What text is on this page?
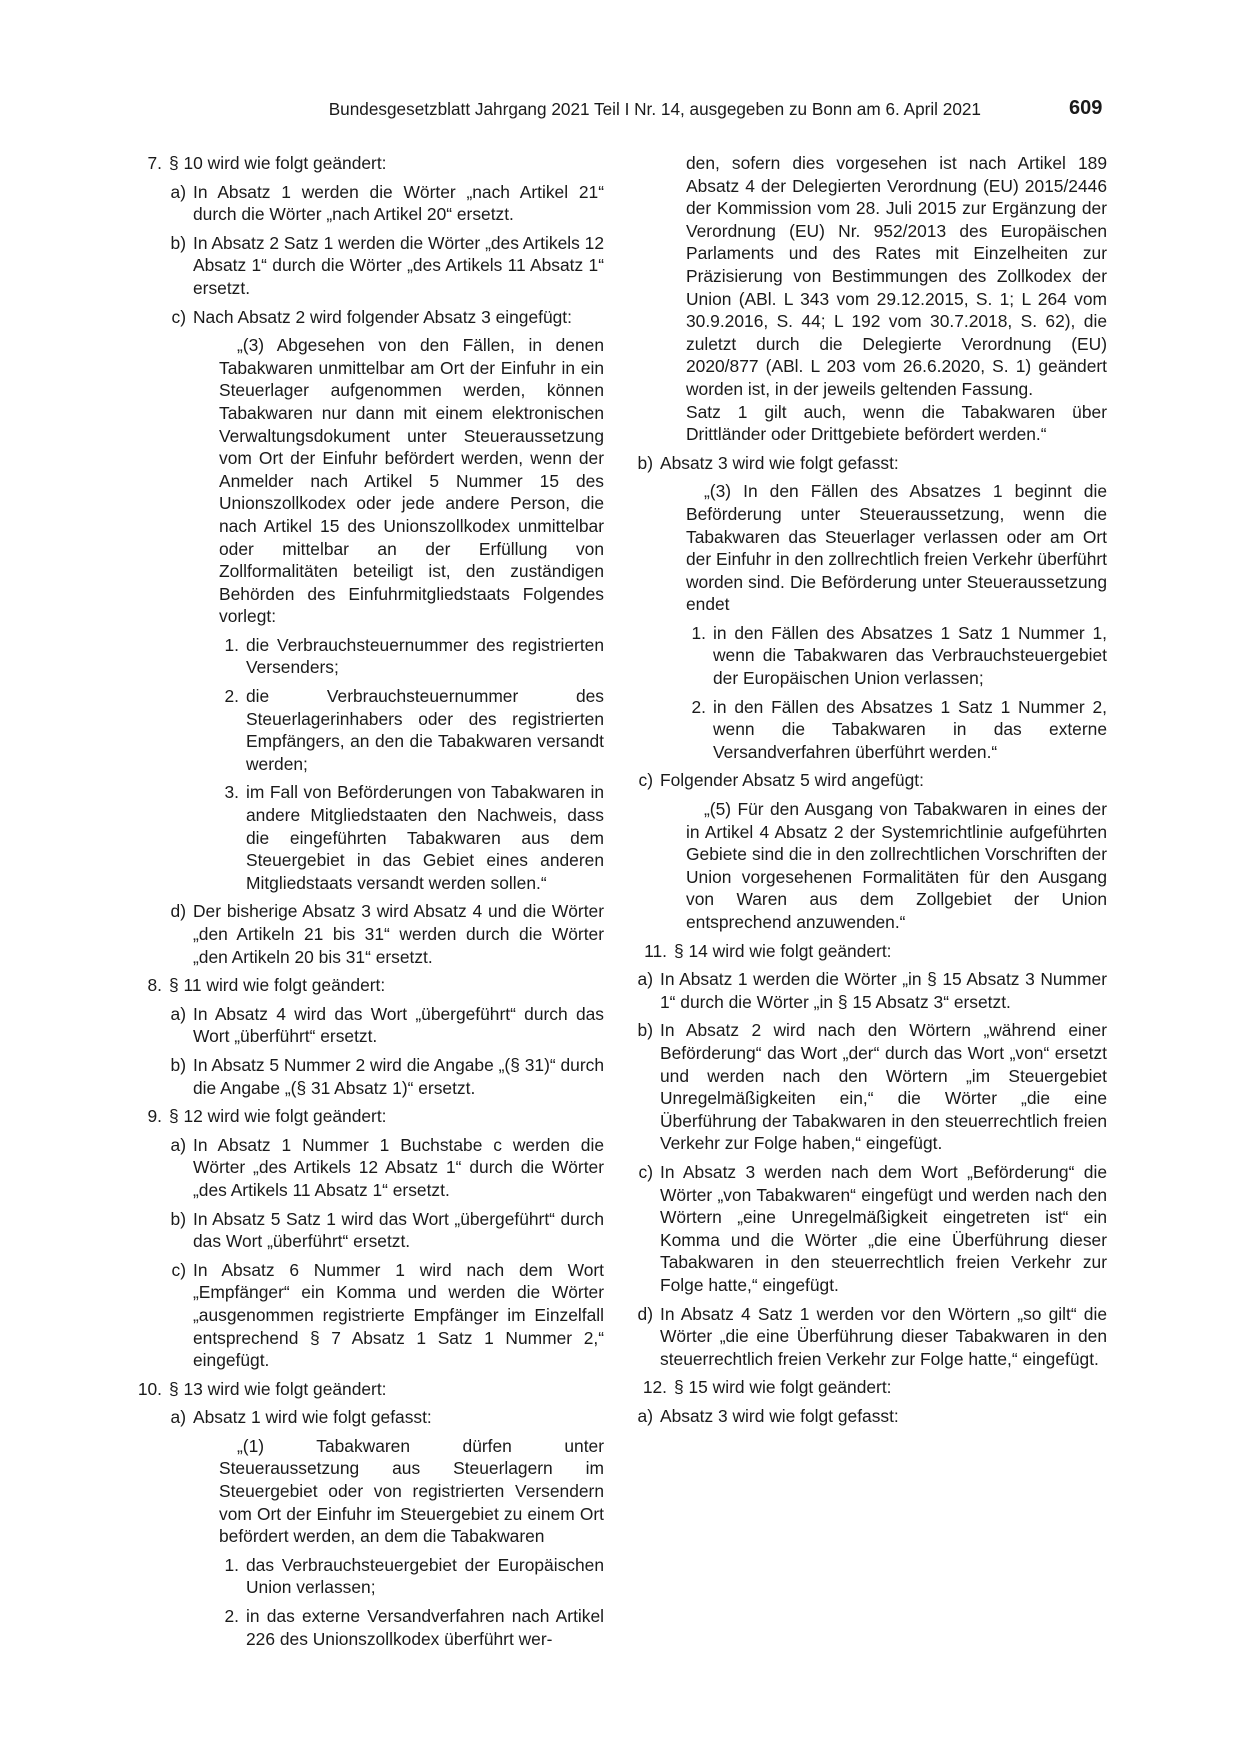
Bundesgesetzblatt Jahrgang 2021 Teil I Nr. 14, ausgegeben zu Bonn am 6. April 2021	609
7. § 10 wird wie folgt geändert:
a) In Absatz 1 werden die Wörter „nach Artikel 21“ durch die Wörter „nach Artikel 20“ ersetzt.
b) In Absatz 2 Satz 1 werden die Wörter „des Artikels 12 Absatz 1“ durch die Wörter „des Artikels 11 Absatz 1“ ersetzt.
c) Nach Absatz 2 wird folgender Absatz 3 eingefügt:
„(3) Abgesehen von den Fällen, in denen Tabakwaren unmittelbar am Ort der Einfuhr in ein Steuerlager aufgenommen werden, können Tabakwaren nur dann mit einem elektronischen Verwaltungsdokument unter Steueraussetzung vom Ort der Einfuhr befördert werden, wenn der Anmelder nach Artikel 5 Nummer 15 des Unionszollkodex oder jede andere Person, die nach Artikel 15 des Unionszollkodex unmittelbar oder mittelbar an der Erfüllung von Zollformalitäten beteiligt ist, den zuständigen Behörden des Einfuhrmitgliedstaats Folgendes vorlegt:
1. die Verbrauchsteuernummer des registrierten Versenders;
2. die Verbrauchsteuernummer des Steuerlagerinhabers oder des registrierten Empfängers, an den die Tabakwaren versandt werden;
3. im Fall von Beförderungen von Tabakwaren in andere Mitgliedstaaten den Nachweis, dass die eingeführten Tabakwaren aus dem Steuergebiet in das Gebiet eines anderen Mitgliedstaats versandt werden sollen.“
d) Der bisherige Absatz 3 wird Absatz 4 und die Wörter „den Artikeln 21 bis 31“ werden durch die Wörter „den Artikeln 20 bis 31“ ersetzt.
8. § 11 wird wie folgt geändert:
a) In Absatz 4 wird das Wort „übergeführt“ durch das Wort „überführt“ ersetzt.
b) In Absatz 5 Nummer 2 wird die Angabe „(§ 31)“ durch die Angabe „(§ 31 Absatz 1)“ ersetzt.
9. § 12 wird wie folgt geändert:
a) In Absatz 1 Nummer 1 Buchstabe c werden die Wörter „des Artikels 12 Absatz 1“ durch die Wörter „des Artikels 11 Absatz 1“ ersetzt.
b) In Absatz 5 Satz 1 wird das Wort „übergeführt“ durch das Wort „überführt“ ersetzt.
c) In Absatz 6 Nummer 1 wird nach dem Wort „Empfänger“ ein Komma und werden die Wörter „ausgenommen registrierte Empfänger im Einzelfall entsprechend § 7 Absatz 1 Satz 1 Nummer 2,“ eingefügt.
10. § 13 wird wie folgt geändert:
a) Absatz 1 wird wie folgt gefasst:
„(1) Tabakwaren dürfen unter Steueraussetzung aus Steuerlagern im Steuergebiet oder von registrierten Versendern vom Ort der Einfuhr im Steuergebiet zu einem Ort befördert werden, an dem die Tabakwaren
1. das Verbrauchsteuergebiet der Europäischen Union verlassen;
2. in das externe Versandverfahren nach Artikel 226 des Unionszollkodex überführt wer-
den, sofern dies vorgesehen ist nach Artikel 189 Absatz 4 der Delegierten Verordnung (EU) 2015/2446 der Kommission vom 28. Juli 2015 zur Ergänzung der Verordnung (EU) Nr. 952/2013 des Europäischen Parlaments und des Rates mit Einzelheiten zur Präzisierung von Bestimmungen des Zollkodex der Union (ABl. L 343 vom 29.12.2015, S. 1; L 264 vom 30.9.2016, S. 44; L 192 vom 30.7.2018, S. 62), die zuletzt durch die Delegierte Verordnung (EU) 2020/877 (ABl. L 203 vom 26.6.2020, S. 1) geändert worden ist, in der jeweils geltenden Fassung.
Satz 1 gilt auch, wenn die Tabakwaren über Drittländer oder Drittgebiete befördert werden.“
b) Absatz 3 wird wie folgt gefasst:
„(3) In den Fällen des Absatzes 1 beginnt die Beförderung unter Steueraussetzung, wenn die Tabakwaren das Steuerlager verlassen oder am Ort der Einfuhr in den zollrechtlich freien Verkehr überführt worden sind. Die Beförderung unter Steueraussetzung endet
1. in den Fällen des Absatzes 1 Satz 1 Nummer 1, wenn die Tabakwaren das Verbrauchsteuergebiet der Europäischen Union verlassen;
2. in den Fällen des Absatzes 1 Satz 1 Nummer 2, wenn die Tabakwaren in das externe Versandverfahren überführt werden.“
c) Folgender Absatz 5 wird angefügt:
„(5) Für den Ausgang von Tabakwaren in eines der in Artikel 4 Absatz 2 der Systemrichtlinie aufgeführten Gebiete sind die in den zollrechtlichen Vorschriften der Union vorgesehenen Formalitäten für den Ausgang von Waren aus dem Zollgebiet der Union entsprechend anzuwenden.“
11. § 14 wird wie folgt geändert:
a) In Absatz 1 werden die Wörter „in § 15 Absatz 3 Nummer 1“ durch die Wörter „in § 15 Absatz 3“ ersetzt.
b) In Absatz 2 wird nach den Wörtern „während einer Beförderung“ das Wort „der“ durch das Wort „von“ ersetzt und werden nach den Wörtern „im Steuergebiet Unregelmäßigkeiten ein,“ die Wörter „die eine Überführung der Tabakwaren in den steuerrechtlich freien Verkehr zur Folge haben,“ eingefügt.
c) In Absatz 3 werden nach dem Wort „Beförderung“ die Wörter „von Tabakwaren“ eingefügt und werden nach den Wörtern „eine Unregelmäßigkeit eingetreten ist“ ein Komma und die Wörter „die eine Überführung dieser Tabakwaren in den steuerrechtlich freien Verkehr zur Folge hatte,“ eingefügt.
d) In Absatz 4 Satz 1 werden vor den Wörtern „so gilt“ die Wörter „die eine Überführung dieser Tabakwaren in den steuerrechtlich freien Verkehr zur Folge hatte,“ eingefügt.
12. § 15 wird wie folgt geändert:
a) Absatz 3 wird wie folgt gefasst:
